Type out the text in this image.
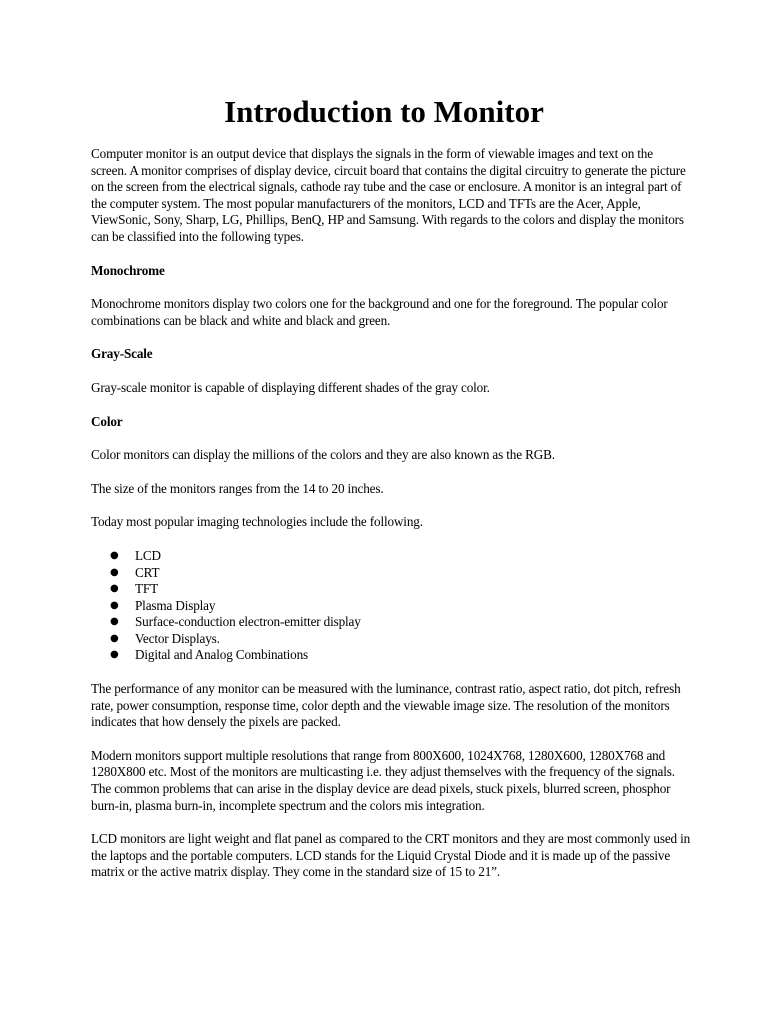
Introduction to Monitor

Computer monitor is an output device that displays the signals in the form of viewable images and text on the screen. A monitor comprises of display device, circuit board that contains the digital circuitry to generate the picture on the screen from the electrical signals, cathode ray tube and the case or enclosure. A monitor is an integral part of the computer system. The most popular manufacturers of the monitors, LCD and TFTs are the Acer, Apple, ViewSonic, Sony, Sharp, LG, Phillips, BenQ, HP and Samsung. With regards to the colors and display the monitors can be classified into the following types.

Monochrome

Monochrome monitors display two colors one for the background and one for the foreground. The popular color combinations can be black and white and black and green.

Gray-Scale

Gray-scale monitor is capable of displaying different shades of the gray color.

Color

Color monitors can display the millions of the colors and they are also known as the RGB.

The size of the monitors ranges from the 14 to 20 inches.

Today most popular imaging technologies include the following.

● LCD
● CRT
● TFT
● Plasma Display
● Surface-conduction electron-emitter display
● Vector Displays.
● Digital and Analog Combinations

The performance of any monitor can be measured with the luminance, contrast ratio, aspect ratio, dot pitch, refresh rate, power consumption, response time, color depth and the viewable image size. The resolution of the monitors indicates that how densely the pixels are packed.

Modern monitors support multiple resolutions that range from 800X600, 1024X768, 1280X600, 1280X768 and 1280X800 etc. Most of the monitors are multicasting i.e. they adjust themselves with the frequency of the signals. The common problems that can arise in the display device are dead pixels, stuck pixels, blurred screen, phosphor burn-in, plasma burn-in, incomplete spectrum and the colors mis integration.

LCD monitors are light weight and flat panel as compared to the CRT monitors and they are most commonly used in the laptops and the portable computers. LCD stands for the Liquid Crystal Diode and it is made up of the passive matrix or the active matrix display. They come in the standard size of 15 to 21”.
